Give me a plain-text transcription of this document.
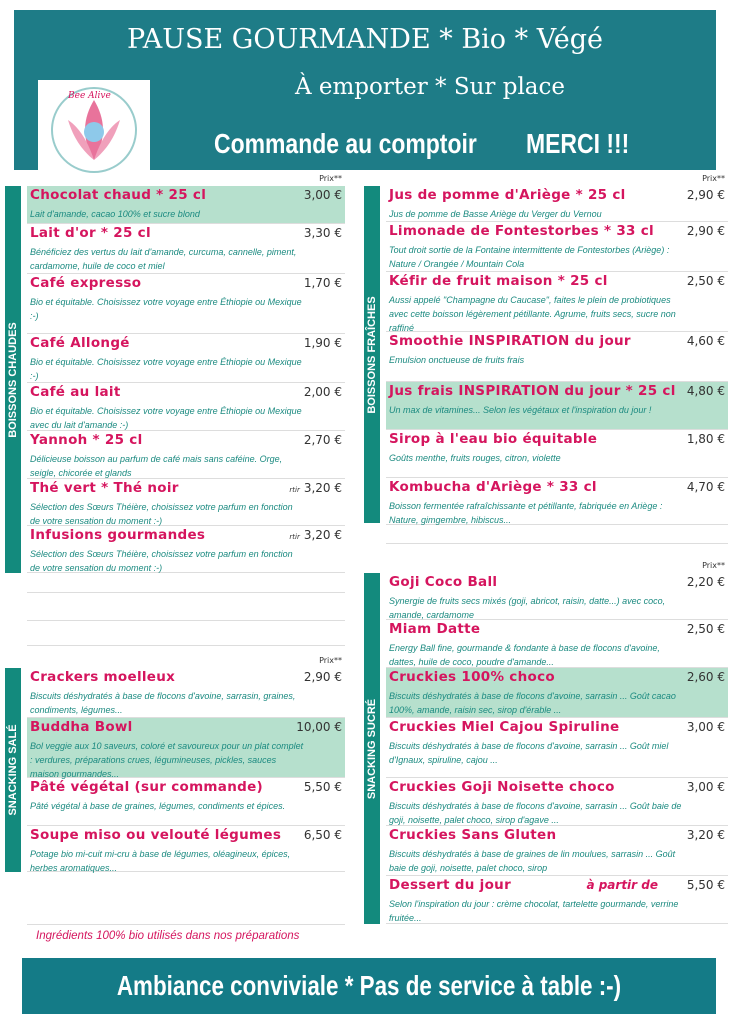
PAUSE GOURMANDE * Bio * Végé
Bee Alive	À emporter * Sur place
Commande au comptoir MERCI !!!
BOISSONS CHAUDES
Prix**
Chocolat chaud * 25 cl	3,00 €
Lait d'amande, cacao 100% et sucre blond
Lait d'or * 25 cl	3,30 €
Bénéficiez des vertus du lait d'amande, curcuma, cannelle, piment, cardamome, huile de coco et miel
Café expresso	1,70 €
Bio et équitable. Choisissez votre voyage entre Éthiopie ou Mexique :-)
Café Allongé	1,90 €
Bio et équitable. Choisissez votre voyage entre Éthiopie ou Mexique :-)
Café au lait	2,00 €
Bio et équitable. Choisissez votre voyage entre Éthiopie ou Mexique avec du lait d'amande :-)
Yannoh * 25 cl	2,70 €
Délicieuse boisson au parfum de café mais sans caféine. Orge, seigle, chicorée et glands
Thé vert * Thé noir	rtir 3,20 €
Sélection des Sœurs Théière, choisissez votre parfum en fonction de votre sensation du moment :-)
Infusions gourmandes	rtir 3,20 €
Sélection des Sœurs Théière, choisissez votre parfum en fonction de votre sensation du moment :-)
SNACKING SALÉ
Prix**
Crackers moelleux	2,90 €
Biscuits déshydratés à base de flocons d'avoine, sarrasin, graines, condiments, légumes...
Buddha Bowl	10,00 €
Bol veggie aux 10 saveurs, coloré et savoureux pour un plat complet : verdures, préparations crues, légumineuses, pickles, sauces maison gourmandes...
Pâté végétal (sur commande)	5,50 €
Pâté végétal à base de graines, légumes, condiments et épices.
Soupe miso ou velouté légumes 6,50 €
Potage bio mi-cuit mi-cru à base de légumes, oléagineux, épices, herbes aromatiques...
BOISSONS FRAÎCHES
Prix**
Jus de pomme d'Ariège * 25 cl	2,90 €
Jus de pomme de Basse Ariège du Verger du Vernou
Limonade de Fontestorbes * 33 cl	2,90 €
Tout droit sortie de la Fontaine intermittente de Fontestorbes (Ariège) : Nature / Orangée / Mountain Cola
Kéfir de fruit maison * 25 cl	2,50 €
Aussi appelé "Champagne du Caucase", faites le plein de probiotiques avec cette boisson légèrement pétillante. Agrume, fruits secs, sucre non raffiné
Smoothie INSPIRATION du jour	4,60 €
Emulsion onctueuse de fruits frais
Jus frais INSPIRATION du jour * 25 cl 4,80 €
Un max de vitamines... Selon les végétaux et l'inspiration du jour !
Sirop à l'eau bio équitable	1,80 €
Goûts menthe, fruits rouges, citron, violette
Kombucha d'Ariège * 33 cl	4,70 €
Boisson fermentée rafraîchissante et pétillante, fabriquée en Ariège : Nature, gimgembre, hibiscus...
SNACKING SUCRÉ
Prix**
Goji Coco Ball	2,20 €
Synergie de fruits secs mixés (goji, abricot, raisin, datte...) avec coco, amande, cardamome
Miam Datte	2,50 €
Energy Ball fine, gourmande & fondante à base de flocons d'avoine, dattes, huile de coco, poudre d'amande...
Cruckies 100% choco	2,60 €
Biscuits déshydratés à base de flocons d'avoine, sarrasin ... Goût cacao 100%, amande, raisin sec, sirop d'érable ...
Cruckies Miel Cajou Spiruline	3,00 €
Biscuits déshydratés à base de flocons d'avoine, sarrasin ... Goût miel d'Ignaux, spiruline, cajou ...
Cruckies Goji Noisette choco	3,00 €
Biscuits déshydratés à base de flocons d'avoine, sarrasin ... Goût baie de goji, noisette, palet choco, sirop d'agave ...
Cruckies Sans Gluten	3,20 €
Biscuits déshydratés à base de graines de lin moulues, sarrasin ... Goût baie de goji, noisette, palet choco, sirop
Dessert du jour	5,50 €
à partir de
Selon l'inspiration du jour : crème chocolat, tartelette gourmande, verrine fruitée...
Ingrédients 100% bio utilisés dans nos préparations
Ambiance conviviale * Pas de service à table :-)
